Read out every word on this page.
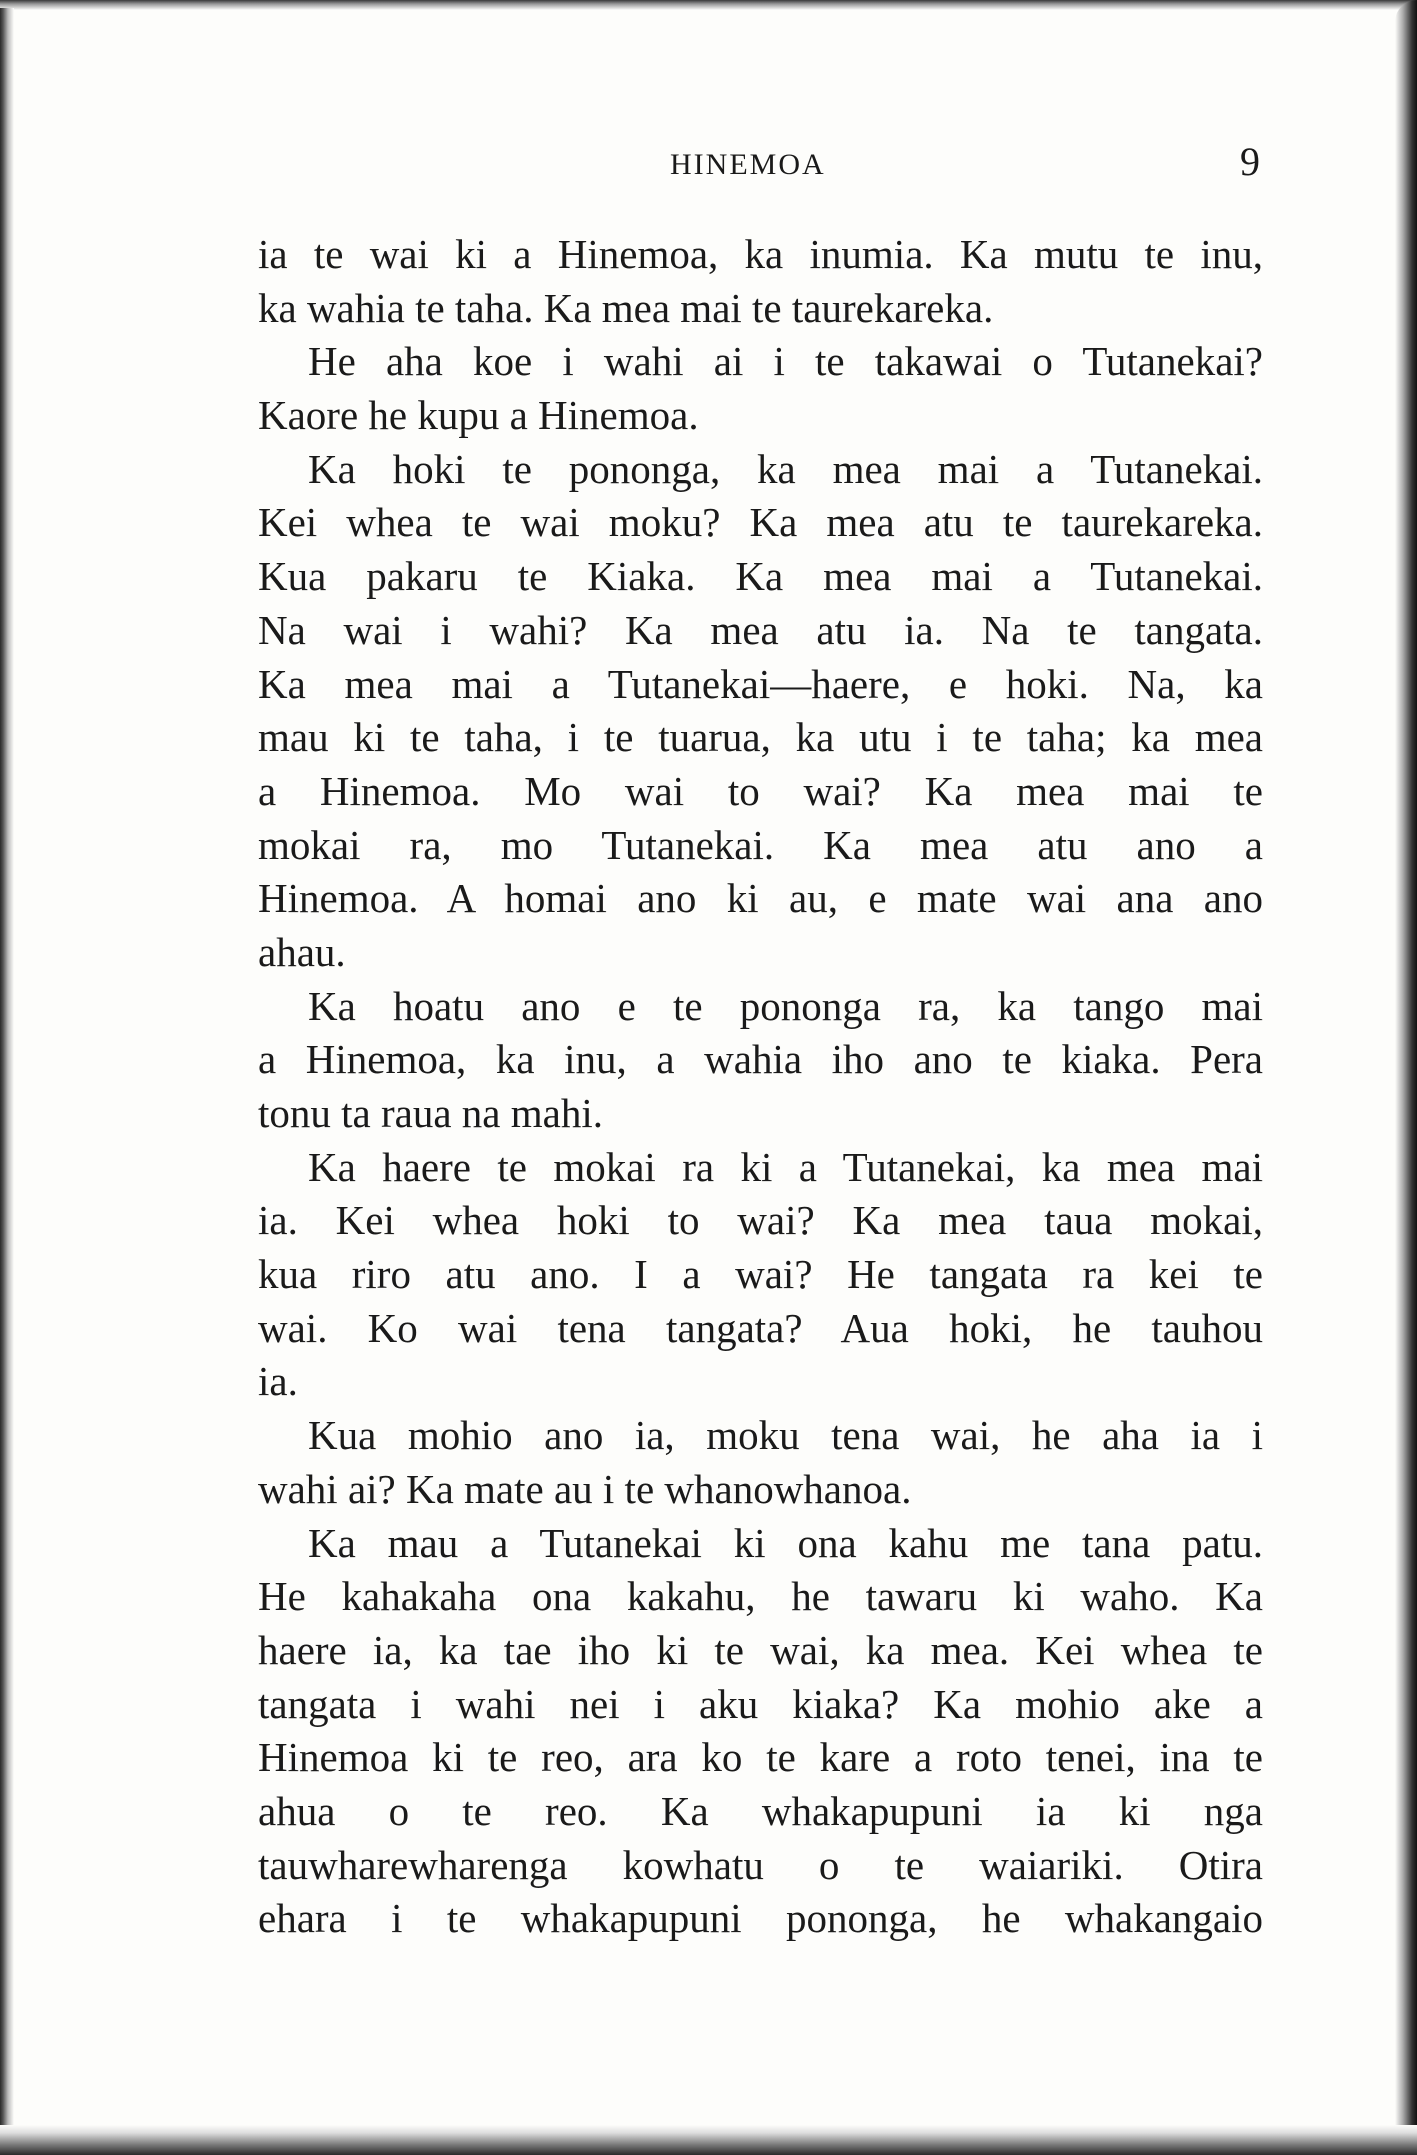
HINEMOA	9
ia te wai ki a Hinemoa, ka inumia. Ka mutu te inu,
ka wahia te taha. Ka mea mai te taurekareka.
He aha koe i wahi ai i te takawai o Tutanekai?
Kaore he kupu a Hinemoa.
Ka hoki te pononga, ka mea mai a Tutanekai.
Kei whea te wai moku? Ka mea atu te taurekareka.
Kua pakaru te Kiaka. Ka mea mai a Tutanekai.
Na wai i wahi? Ka mea atu ia. Na te tangata.
Ka mea mai a Tutanekai—haere, e hoki. Na, ka
mau ki te taha, i te tuarua, ka utu i te taha; ka mea
a Hinemoa. Mo wai to wai? Ka mea mai te
mokai ra, mo Tutanekai. Ka mea atu ano a
Hinemoa. A homai ano ki au, e mate wai ana ano
ahau.
Ka hoatu ano e te pononga ra, ka tango mai
a Hinemoa, ka inu, a wahia iho ano te kiaka. Pera
tonu ta raua na mahi.
Ka haere te mokai ra ki a Tutanekai, ka mea mai
ia. Kei whea hoki to wai? Ka mea taua mokai,
kua riro atu ano. I a wai? He tangata ra kei te
wai. Ko wai tena tangata? Aua hoki, he tauhou
ia.
Kua mohio ano ia, moku tena wai, he aha ia i
wahi ai? Ka mate au i te whanowhanoa.
Ka mau a Tutanekai ki ona kahu me tana patu.
He kahakaha ona kakahu, he tawaru ki waho. Ka
haere ia, ka tae iho ki te wai, ka mea. Kei whea te
tangata i wahi nei i aku kiaka? Ka mohio ake a
Hinemoa ki te reo, ara ko te kare a roto tenei, ina te
ahua o te reo. Ka whakapupuni ia ki nga
tauwharewharenga kowhatu o te waiariki. Otira
ehara i te whakapupuni pononga, he whakangaio
